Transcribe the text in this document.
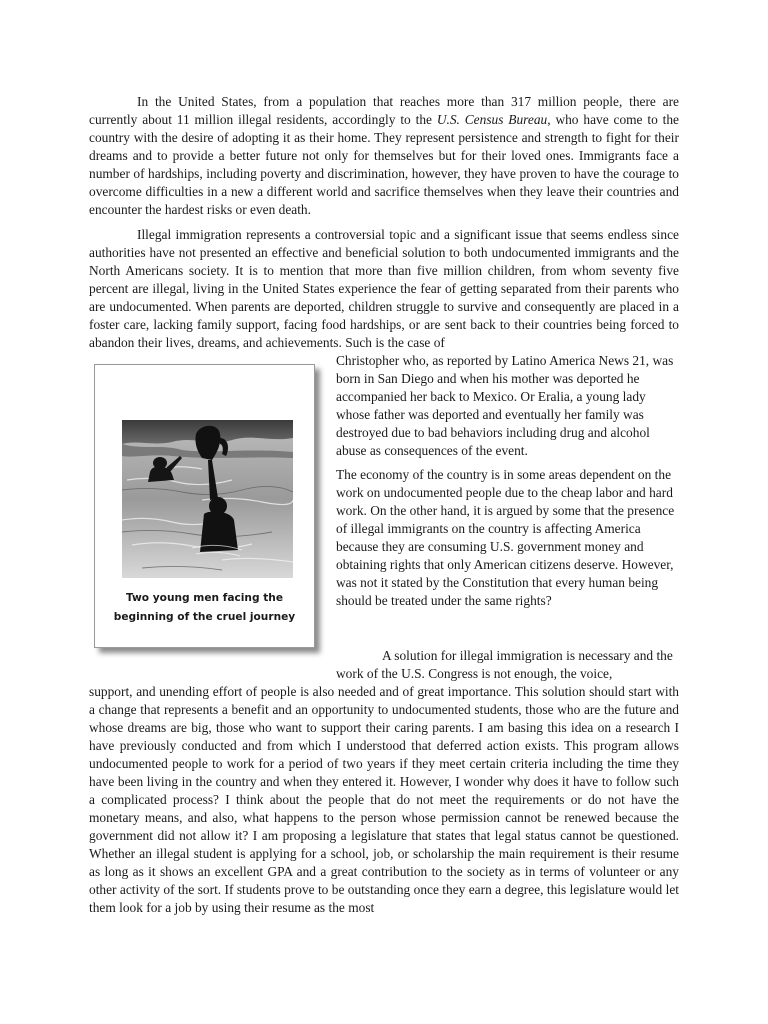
In the United States, from a population that reaches more than 317 million people, there are currently about 11 million illegal residents, accordingly to the U.S. Census Bureau, who have come to the country with the desire of adopting it as their home. They represent persistence and strength to fight for their dreams and to provide a better future not only for themselves but for their loved ones. Immigrants face a number of hardships, including poverty and discrimination, however, they have proven to have the courage to overcome difficulties in a new a different world and sacrifice themselves when they leave their countries and encounter the hardest risks or even death.

Illegal immigration represents a controversial topic and a significant issue that seems endless since authorities have not presented an effective and beneficial solution to both undocumented immigrants and the North Americans society. It is to mention that more than five million children, from whom seventy five percent are illegal, living in the United States experience the fear of getting separated from their parents who are undocumented. When parents are deported, children struggle to survive and consequently are placed in a foster care, lacking family support, facing food hardships, or are sent back to their countries being forced to abandon their lives, dreams, and achievements. Such is the case of

Christopher who, as reported by Latino America News 21, was born in San Diego and when his mother was deported he accompanied her back to Mexico. Or Eralia, a young lady whose father was deported and eventually her family was destroyed due to bad behaviors including drug and alcohol abuse as consequences of the event.

Two young men facing the
beginning of the cruel journey

The economy of the country is in some areas dependent on the work on undocumented people due to the cheap labor and hard work. On the other hand, it is argued by some that the presence of illegal immigrants on the country is affecting America because they are consuming U.S. government money and obtaining rights that only American citizens deserve. However, was not it stated by the Constitution that every human being should be treated under the same rights?

A solution for illegal immigration is necessary and the work of the U.S. Congress is not enough, the voice,

support, and unending effort of people is also needed and of great importance. This solution should start with a change that represents a benefit and an opportunity to undocumented students, those who are the future and whose dreams are big, those who want to support their caring parents. I am basing this idea on a research I have previously conducted and from which I understood that deferred action exists. This program allows undocumented people to work for a period of two years if they meet certain criteria including the time they have been living in the country and when they entered it. However, I wonder why does it have to follow such a complicated process? I think about the people that do not meet the requirements or do not have the monetary means, and also, what happens to the person whose permission cannot be renewed because the government did not allow it? I am proposing a legislature that states that legal status cannot be questioned. Whether an illegal student is applying for a school, job, or scholarship the main requirement is their resume as long as it shows an excellent GPA and a great contribution to the society as in terms of volunteer or any other activity of the sort. If students prove to be outstanding once they earn a degree, this legislature would let them look for a job by using their resume as the most
